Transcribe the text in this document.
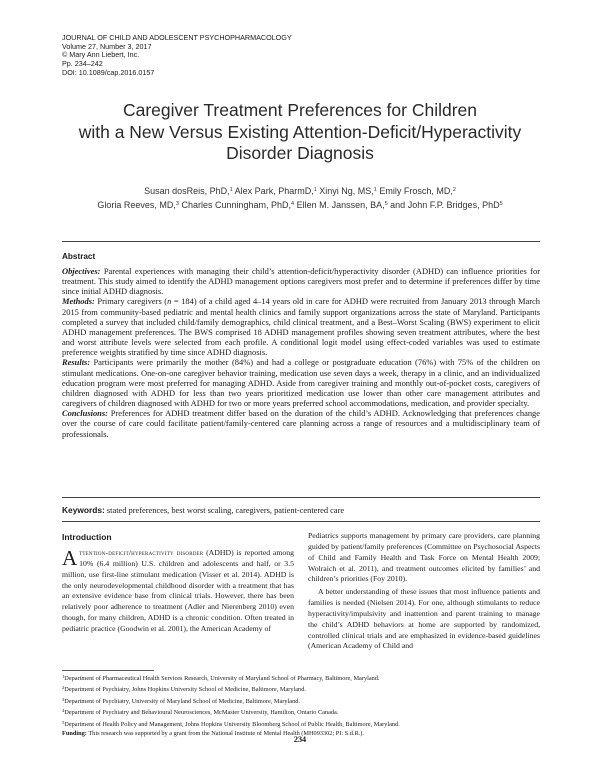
JOURNAL OF CHILD AND ADOLESCENT PSYCHOPHARMACOLOGY
Volume 27, Number 3, 2017
© Mary Ann Liebert, Inc.
Pp. 234–242
DOI: 10.1089/cap.2016.0157
Caregiver Treatment Preferences for Children
with a New Versus Existing Attention-Deficit/Hyperactivity
Disorder Diagnosis
Susan dosReis, PhD,$^1$ Alex Park, PharmD,$^1$ Xinyi Ng, MS,$^1$ Emily Frosch, MD,$^2$
Gloria Reeves, MD,$^3$ Charles Cunningham, PhD,$^4$ Ellen M. Janssen, BA,$^5$ and John F.P. Bridges, PhD$^5$
Abstract

Objectives: Parental experiences with managing their child’s attention-deficit/hyperactivity disorder (ADHD) can influence priorities for treatment. This study aimed to identify the ADHD management options caregivers most prefer and to determine if preferences differ by time since initial ADHD diagnosis.

Methods: Primary caregivers (n = 184) of a child aged 4–14 years old in care for ADHD were recruited from January 2013 through March 2015 from community-based pediatric and mental health clinics and family support organizations across the state of Maryland. Participants completed a survey that included child/family demographics, child clinical treatment, and a Best–Worst Scaling (BWS) experiment to elicit ADHD management preferences. The BWS comprised 18 ADHD management profiles showing seven treatment attributes, where the best and worst attribute levels were selected from each profile. A conditional logit model using effect-coded variables was used to estimate preference weights stratified by time since ADHD diagnosis.

Results: Participants were primarily the mother (84%) and had a college or postgraduate education (76%) with 75% of the children on stimulant medications. One-on-one caregiver behavior training, medication use seven days a week, therapy in a clinic, and an individualized education program were most preferred for managing ADHD. Aside from caregiver training and monthly out-of-pocket costs, caregivers of children diagnosed with ADHD for less than two years prioritized medication use lower than other care management attributes and caregivers of children diagnosed with ADHD for two or more years preferred school accommodations, medication, and provider specialty.

Conclusions: Preferences for ADHD treatment differ based on the duration of the child’s ADHD. Acknowledging that preferences change over the course of care could facilitate patient/family-centered care planning across a range of resources and a multidisciplinary team of professionals.

Keywords: stated preferences, best worst scaling, caregivers, patient-centered care
Introduction

Attention-deficit/hyperactivity disorder (ADHD) is reported among 10% (6.4 million) U.S. children and adolescents and half, or 3.5 million, use first-line stimulant medication (Visser et al. 2014). ADHD is the only neurodevelopmental childhood disorder with a treatment that has an extensive evidence base from clinical trials. However, there has been relatively poor adherence to treatment (Adler and Nierenberg 2010) even though, for many children, ADHD is a chronic condition. Often treated in pediatric practice (Goodwin et al. 2001), the American Academy of

Pediatrics supports management by primary care providers, care planning guided by patient/family preferences (Committee on Psychosocial Aspects of Child and Family Health and Task Force on Mental Health 2009; Wolraich et al. 2011), and treatment outcomes elicited by families’ and children’s priorities (Foy 2010).

A better understanding of these issues that most influence patients and families is needed (Nielsen 2014). For one, although stimulants to reduce hyperactivity/impulsivity and inattention and parent training to manage the child’s ADHD behaviors at home are supported by randomized, controlled clinical trials and are emphasized in evidence-based guidelines (American Academy of Child and

$^1$Department of Pharmaceutical Health Services Research, University of Maryland School of Pharmacy, Baltimore, Maryland.
$^2$Department of Psychiatry, Johns Hopkins University School of Medicine, Baltimore, Maryland.
$^3$Department of Psychiatry, University of Maryland School of Medicine, Baltimore, Maryland.
$^4$Department of Psychiatry and Behavioural Neurosciences, McMaster University, Hamilton, Ontario Canada.
$^5$Department of Health Policy and Management, Johns Hopkins University Bloomberg School of Public Health, Baltimore, Maryland.
Funding: This research was supported by a grant from the National Institute of Mental Health (MH093302; PI: S.d.R.).
234
